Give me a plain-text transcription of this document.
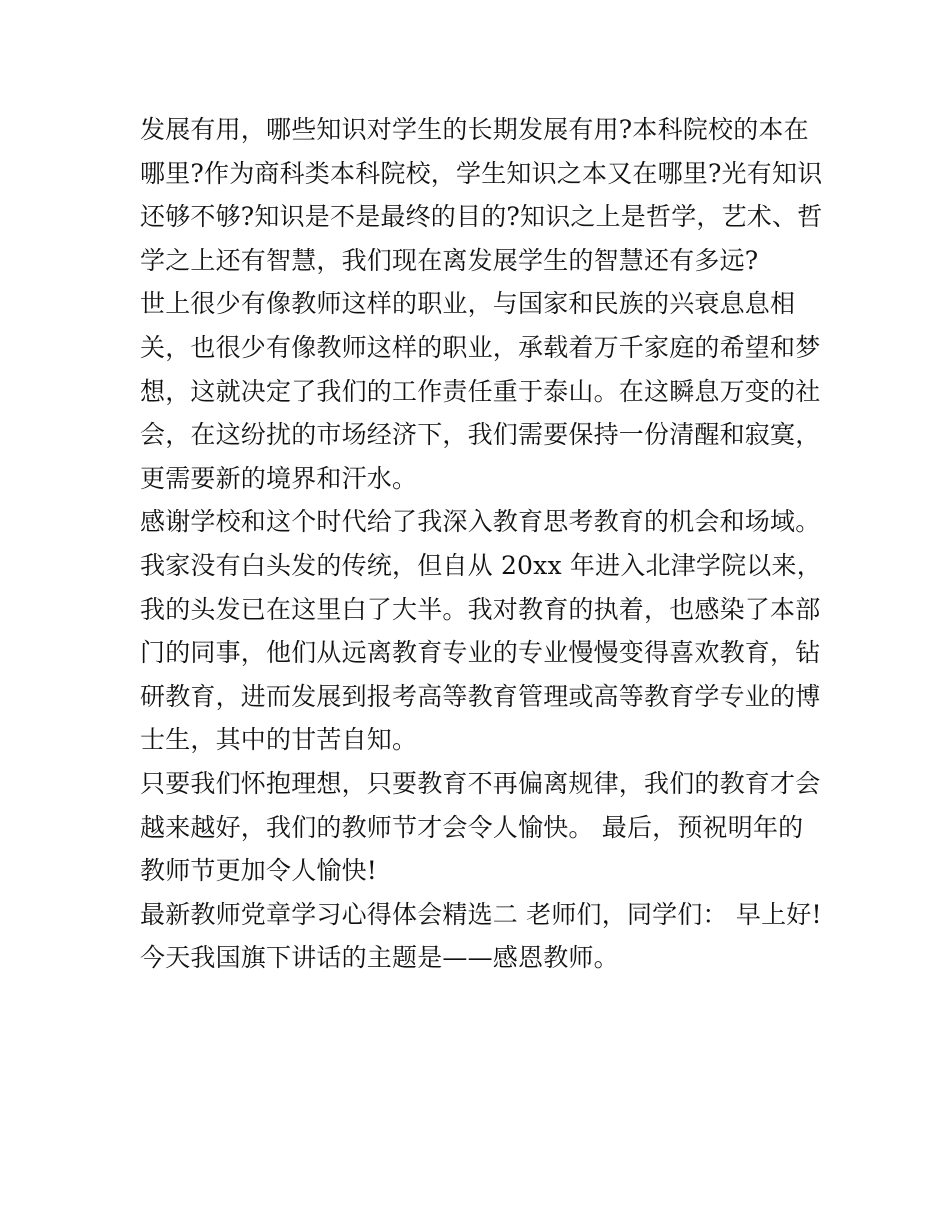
发展有用，哪些知识对学生的长期发展有用?本科院校的本在
哪里?作为商科类本科院校，学生知识之本又在哪里?光有知识
还够不够?知识是不是最终的目的?知识之上是哲学，艺术、哲
学之上还有智慧，我们现在离发展学生的智慧还有多远?
世上很少有像教师这样的职业，与国家和民族的兴衰息息相
关，也很少有像教师这样的职业，承载着万千家庭的希望和梦
想，这就决定了我们的工作责任重于泰山。在这瞬息万变的社
会，在这纷扰的市场经济下，我们需要保持一份清醒和寂寞，
更需要新的境界和汗水。
感谢学校和这个时代给了我深入教育思考教育的机会和场域。
我家没有白头发的传统，但自从 20xx 年进入北津学院以来，
我的头发已在这里白了大半。我对教育的执着，也感染了本部
门的同事，他们从远离教育专业的专业慢慢变得喜欢教育，钻
研教育，进而发展到报考高等教育管理或高等教育学专业的博
士生，其中的甘苦自知。
只要我们怀抱理想，只要教育不再偏离规律，我们的教育才会
越来越好，我们的教师节才会令人愉快。 最后，预祝明年的
教师节更加令人愉快!
最新教师党章学习心得体会精选二 老师们，同学们： 早上好!
今天我国旗下讲话的主题是——感恩教师。
